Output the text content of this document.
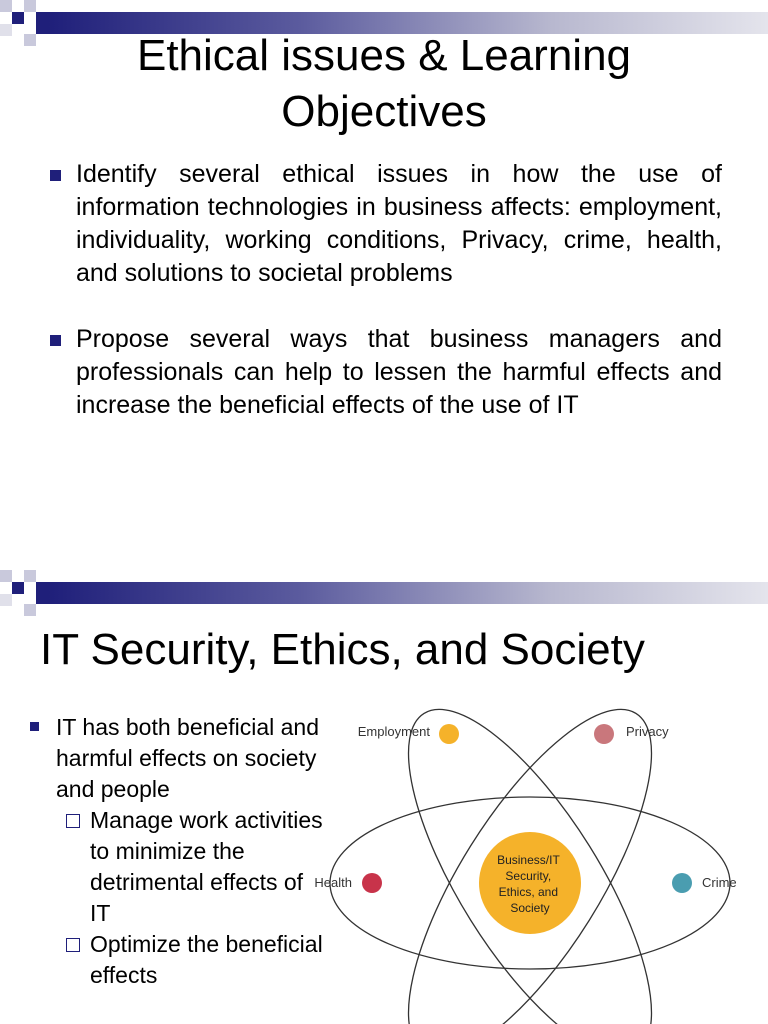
Ethical issues & Learning
Objectives
Identify several ethical issues in how the use of information technologies in business affects: employment, individuality, working conditions, Privacy, crime, health, and solutions to societal problems
Propose several ways that business managers and professionals can help to lessen the harmful effects and increase the beneficial effects of the use of IT
IT Security, Ethics, and Society
IT has both beneficial and harmful effects on society and people
Manage work activities to minimize the detrimental effects of IT
Optimize the beneficial effects
Business/IT Security, Ethics, and Society
Employment	Privacy
Health	Crime
